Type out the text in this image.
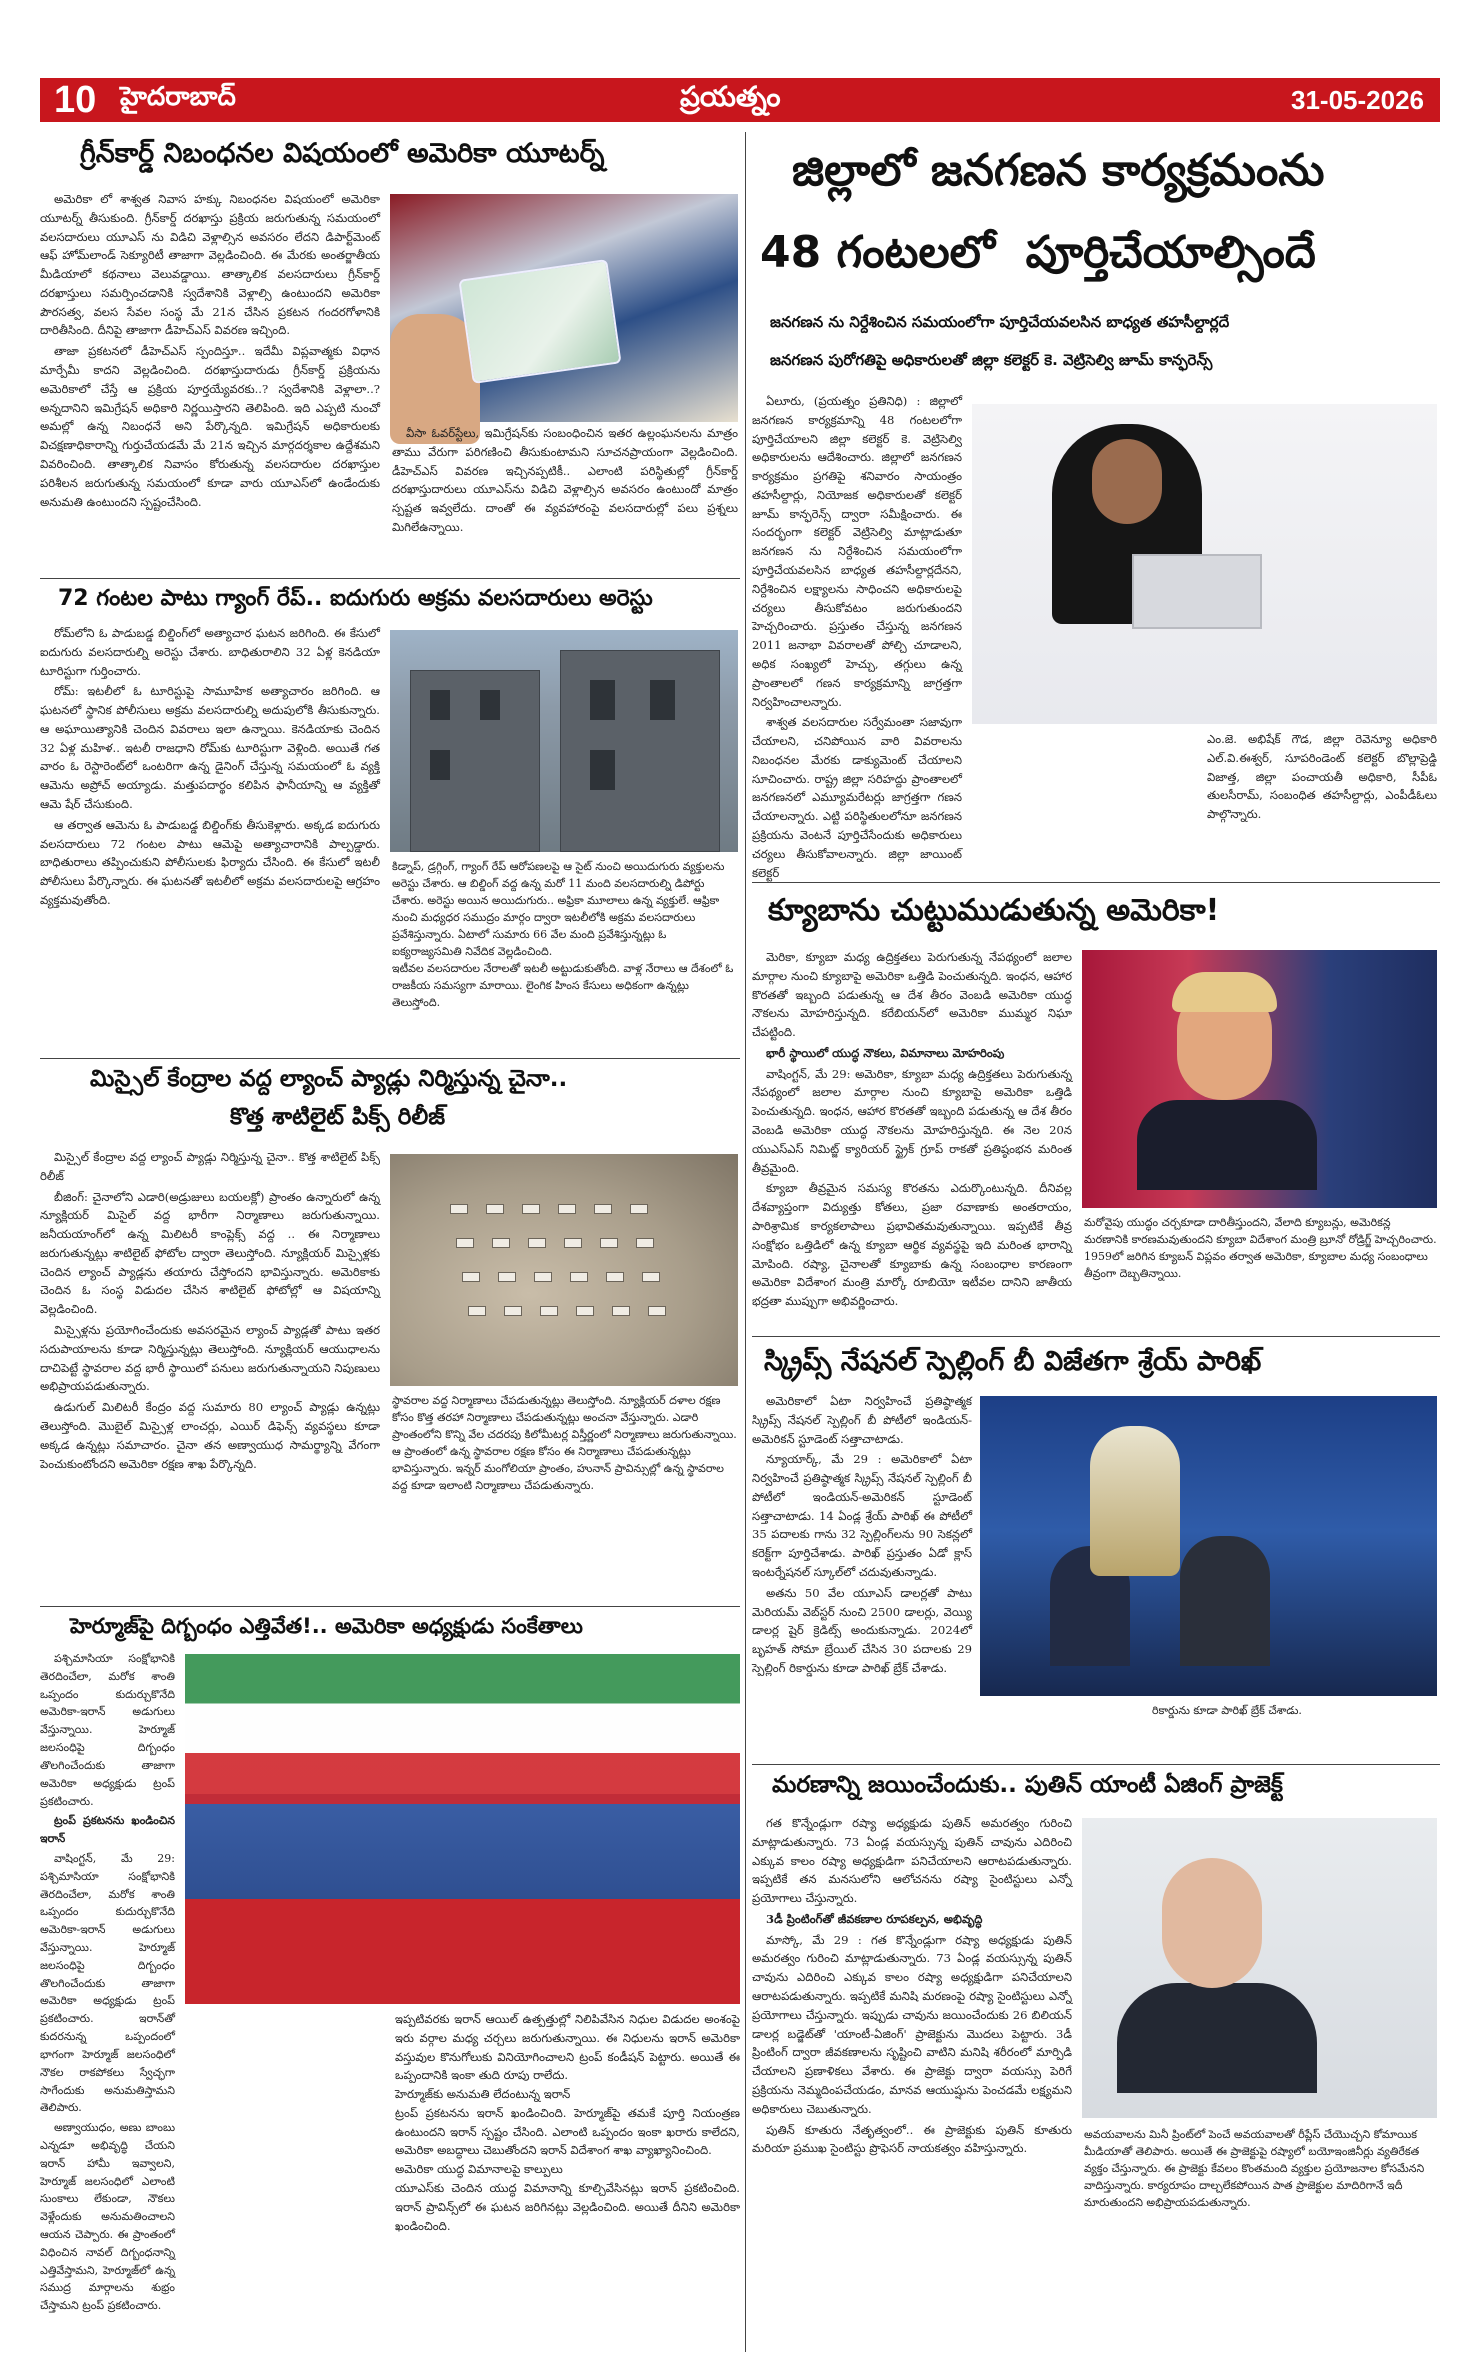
10 హైదరాబాద్	ప్రయత్నం	31-05-2026
గ్రీన్‌కార్డ్ నిబంధనల విషయంలో అమెరికా యూటర్న్

అమెరికా లో శాశ్వత నివాస హక్కు నిబంధనల విషయంలో అమెరికా యూటర్న్ తీసుకుంది. గ్రీన్‌కార్డ్ దరఖాస్తు ప్రక్రియ జరుగుతున్న సమయంలో వలసదారులు యూఎస్ ను విడిచి వెళ్లాల్సిన అవసరం లేదని డిపార్ట్‌మెంట్ ఆఫ్ హోమ్‌లాండ్ సెక్యూరిటీ తాజాగా వెల్లడించింది. ఈ మేరకు అంతర్జాతీయ మీడియాలో కథనాలు వెలువడ్డాయి. తాత్కాలిక వలసదారులు గ్రీన్‌కార్డ్ దరఖాస్తులు సమర్పించడానికి స్వదేశానికి వెళ్లాల్సి ఉంటుందని అమెరికా పౌరసత్వ, వలస సేవల సంస్థ మే 21న చేసిన ప్రకటన గందరగోళానికి దారితీసింది. దీనిపై తాజాగా డీహెచ్‌ఎస్ వివరణ ఇచ్చింది.

తాజా ప్రకటనలో డీహెచ్‌ఎస్ స్పందిస్తూ.. ఇదేమీ విప్లవాత్మకు విధాన మార్పేమీ కాదని వెల్లడించింది. దరఖాస్తుదారుడు గ్రీన్‌కార్డ్ ప్రక్రియను అమెరికాలో చేస్తే ఆ ప్రక్రియ పూర్తయ్యేవరకు..? స్వదేశానికి వెళ్లాలా..? అన్నదానిని ఇమిగ్రేషన్ అధికారి నిర్ణయిస్తారని తెలిపింది. ఇది ఎప్పటి నుంచో అమల్లో ఉన్న నిబంధనే అని పేర్కొన్నది. ఇమిగ్రేషన్ అధికారులకు విచక్షణాధికారాన్ని గుర్తుచేయడమే మే 21న ఇచ్చిన మార్గదర్శకాల ఉద్దేశమని వివరించింది. తాత్కాలిక నివాసం కోరుతున్న వలసదారుల దరఖాస్తుల పరిశీలన జరుగుతున్న సమయంలో కూడా వారు యూఎస్‌లో ఉండేందుకు అనుమతి ఉంటుందని స్పష్టంచేసింది.

వీసా ఓవర్‌స్టేలు, ఇమిగ్రేషన్‌కు సంబంధించిన ఇతర ఉల్లంఘనలను మాత్రం తాము వేరుగా పరిగణించి తీసుకుంటామని సూచనప్రాయంగా వెల్లడించింది. డీహెచ్‌ఎస్ వివరణ ఇచ్చినప్పటికీ.. ఎలాంటి పరిస్థితుల్లో గ్రీన్‌కార్డ్ దరఖాస్తుదారులు యూఎస్‌ను విడిచి వెళ్లాల్సిన అవసరం ఉంటుందో మాత్రం స్పష్టత ఇవ్వలేదు. దాంతో ఈ వ్యవహారంపై వలసదారుల్లో పలు ప్రశ్నలు మిగిలేఉన్నాయి.

72 గంటల పాటు గ్యాంగ్ రేప్.. ఐదుగురు అక్రమ వలసదారులు అరెస్టు

రోమ్‌లోని ఓ పాడుబడ్డ బిల్డింగ్‌లో అత్యాచార ఘటన జరిగింది. ఈ కేసులో ఐదుగురు వలసదారుల్ని అరెస్టు చేశారు. బాధితురాలిని 32 ఏళ్ల కెనడియా టూరిస్టుగా గుర్తించారు.

రోమ్: ఇటలీలో ఓ టూరిస్టుపై సామూహిక అత్యాచారం జరిగింది. ఆ ఘటనలో స్థానిక పోలీసులు అక్రమ వలసదారుల్ని అదుపులోకి తీసుకున్నారు. ఆ అఘాయిత్యానికి చెందిన వివరాలు ఇలా ఉన్నాయి. కెనడియాకు చెందిన 32 ఏళ్ల మహిళ.. ఇటలీ రాజధాని రోమ్‌కు టూరిస్టుగా వెళ్లింది. అయితే గత వారం ఓ రెస్టారెంట్‌లో ఒంటరిగా ఉన్న డైనింగ్ చేస్తున్న సమయంలో ఓ వ్యక్తి ఆమెను అప్రోచ్ అయ్యాడు. మత్తుపదార్థం కలిపిన ఫానీయాన్ని ఆ వ్యక్తితో ఆమె షేర్ చేసుకుంది.

ఆ తర్వాత ఆమెను ఓ పాడుబడ్డ బిల్డింగ్‌కు తీసుకెళ్లారు. అక్కడ ఐదుగురు వలసదారులు 72 గంటల పాటు ఆమెపై అత్యాచారానికి పాల్పడ్డారు. బాధితురాలు తప్పించుకుని పోలీసులకు ఫిర్యాదు చేసింది. ఈ కేసులో ఇటలీ పోలీసులు పేర్కొన్నారు. ఈ ఘటనతో ఇటలీలో అక్రమ వలసదారులపై ఆగ్రహం వ్యక్తమవుతోంది.

కిడ్నాప్, డ్రగ్గింగ్, గ్యాంగ్ రేప్ ఆరోపణలపై ఆ సైట్ నుంచి అయిదుగురు వ్యక్తులను అరెస్టు చేశారు. ఆ బిల్డింగ్ వద్ద ఉన్న మరో 11 మంది వలసదారుల్ని డిపోర్టు చేశారు. అరెస్టు అయిన అయిదుగురు.. అఫ్రికా మూలాలు ఉన్న వ్యక్తులే. ఆఫ్రికా నుంచి మధ్యధర సముద్రం మార్గం ద్వారా ఇటలీలోకి అక్రమ వలసదారులు ప్రవేశిస్తున్నారు. ఏటాలో సుమారు 66 వేల మంది ప్రవేశిస్తున్నట్లు ఓ ఐక్యరాజ్యసమితి నివేదిక వెల్లడించింది.
ఇటీవల వలసదారుల నేరాలతో ఇటలీ అట్టుడుకుతోంది. వాళ్ల నేరాలు ఆ దేశంలో ఓ రాజకీయ సమస్యగా మారాయి. లైంగిక హింస కేసులు అధికంగా ఉన్నట్లు తెలుస్తోంది.
మిస్సైల్ కేంద్రాల వద్ద ల్యాంచ్ ప్యాడ్లు నిర్మిస్తున్న చైనా..
కొత్త శాటిలైట్ పిక్స్ రిలీజ్

మిస్సైల్ కేంద్రాల వద్ద ల్యాంచ్ ప్యాడ్లు నిర్మిస్తున్న చైనా.. కొత్త శాటిలైట్ పిక్స్ రిలీజ్

బీజింగ్: చైనాలోని ఎడారి(అడ్రుజులు బయలక్లో) ప్రాంతం ఉన్నారులో ఉన్న న్యూక్లియర్ మిసైల్ వద్ద భారీగా నిర్మాణాలు జరుగుతున్నాయి. జనీయయాంగ్‌లో ఉన్న మిలిటరీ కాంప్లెక్స్ వద్ద .. ఈ నిర్మాణాలు జరుగుతున్నట్లు శాటిలైట్ ఫోటోల ద్వారా తెలుస్తోంది. న్యూక్లియర్ మిస్సైళ్లకు చెందిన ల్యాంచ్ ప్యాడ్లను తయారు చేస్తోందని భావిస్తున్నారు. అమెరికాకు చెందిన ఓ సంస్థ విడుదల చేసిన శాటిలైట్ ఫోటోల్లో ఆ విషయాన్ని వెల్లడించింది.

మిస్సైళ్లను ప్రయోగించేందుకు అవసరమైన ల్యాంచ్ ప్యాడ్లతో పాటు ఇతర సదుపాయాలను కూడా నిర్మిస్తున్నట్లు తెలుస్తోంది. న్యూక్లియర్ ఆయుధాలను దాచిపెట్టే స్థావరాల వద్ద భారీ స్థాయిలో పనులు జరుగుతున్నాయని నిపుణులు అభిప్రాయపడుతున్నారు.

ఉడుగుల్ మిలిటరీ కేంద్రం వద్ద సుమారు 80 ల్యాంచ్ ప్యాడ్లు ఉన్నట్లు తెలుస్తోంది. మొబైల్ మిస్సైళ్ల లాంచర్లు, ఎయిర్ డిఫెన్స్ వ్యవస్థలు కూడా అక్కడ ఉన్నట్లు సమాచారం. చైనా తన అణ్వాయుధ సామర్థ్యాన్ని వేగంగా పెంచుకుంటోందని అమెరికా రక్షణ శాఖ పేర్కొన్నది.

స్థావరాల వద్ద నిర్మాణాలు చేపడుతున్నట్లు తెలుస్తోంది. న్యూక్లియర్ దళాల రక్షణ కోసం కొత్త తరహా నిర్మాణాలు చేపడుతున్నట్లు అంచనా వేస్తున్నారు. ఎడారి ప్రాంతంలోని కొన్ని వేల చదరపు కిలోమీటర్ల విస్తీర్ణంలో నిర్మాణాలు జరుగుతున్నాయి. ఆ ప్రాంతంలో ఉన్న స్థావరాల రక్షణ కోసం ఈ నిర్మాణాలు చేపడుతున్నట్లు భావిస్తున్నారు. ఇన్నర్ మంగోలియా ప్రాంతం, హునాన్ ప్రావిన్సుల్లో ఉన్న స్థావరాల వద్ద కూడా ఇలాంటి నిర్మాణాలు చేపడుతున్నారు.
హెర్మూజ్‌పై దిగ్బంధం ఎత్తివేత!.. అమెరికా అధ్యక్షుడు సంకేతాలు

పశ్చిమాసియా సంక్షోభానికి తెరదించేలా, మరోక శాంతి ఒప్పందం కుదుర్చుకొనేది అమెరికా-ఇరాన్ అడుగులు వేస్తున్నాయి. హెర్మూజ్ జలసంధిపై దిగ్బంధం తొలగించేందుకు తాజాగా అమెరికా అధ్యక్షుడు ట్రంప్ ప్రకటించారు.

ట్రంప్ ప్రకటనను ఖండించిన ఇరాన్

వాషింగ్టన్, మే 29: పశ్చిమాసియా సంక్షోభానికి తెరదించేలా, మరోక శాంతి ఒప్పందం కుదుర్చుకొనేది అమెరికా-ఇరాన్ అడుగులు వేస్తున్నాయి. హెర్మూజ్ జలసంధిపై దిగ్బంధం తొలగించేందుకు తాజాగా అమెరికా అధ్యక్షుడు ట్రంప్ ప్రకటించారు. ఇరాన్‌తో కుదరనున్న ఒప్పందంలో భాగంగా హెర్మూజ్ జలసంధిలో నౌకల రాకపోకలు స్వేచ్ఛగా సాగేందుకు అనుమతిస్తామని తెలిపారు.

అణ్వాయుధం, అణు బాంబు ఎన్నడూ అభివృద్ధి చేయని ఇరాన్ హామీ ఇవ్వాలని, హెర్మూజ్ జలసంధిలో ఎలాంటి సుంకాలు లేకుండా, నౌకలు వెళ్లేందుకు అనుమతించాలని ఆయన చెప్పారు. ఈ ప్రాంతంలో విధించిన నావల్ దిగ్బంధనాన్ని ఎత్తివేస్తామని, హెర్మూజ్‌లో ఉన్న సముద్ర మార్గాలను శుభ్రం చేస్తామని ట్రంప్ ప్రకటించారు.

ఇప్పటివరకు ఇరాన్ ఆయిల్ ఉత్పత్తుల్లో నిలిపివేసిన నిధుల విడుదల అంశంపై ఇరు వర్గాల మధ్య చర్చలు జరుగుతున్నాయి. ఈ నిధులను ఇరాన్ అమెరికా వస్తువుల కొనుగోలుకు వినియోగించాలని ట్రంప్ కండీషన్ పెట్టారు. అయితే ఈ ఒప్పందానికి ఇంకా తుది రూపు రాలేదు.
హెర్మూజ్‌కు అనుమతి లేదంటున్న ఇరాన్
ట్రంప్ ప్రకటనను ఇరాన్ ఖండించింది. హెర్మూజ్‌పై తమకే పూర్తి నియంత్రణ ఉంటుందని ఇరాన్ స్పష్టం చేసింది. ఎలాంటి ఒప్పందం ఇంకా ఖరారు కాలేదని, అమెరికా అబద్ధాలు చెబుతోందని ఇరాన్ విదేశాంగ శాఖ వ్యాఖ్యానించింది.
అమెరికా యుద్ధ విమానాలపై కాల్పులు
యూఎస్‌కు చెందిన యుద్ధ విమానాన్ని కూల్చివేసినట్లు ఇరాన్ ప్రకటించింది. ఇరాన్ ప్రావిన్స్‌లో ఈ ఘటన జరిగినట్లు వెల్లడించింది. అయితే దీనిని అమెరికా ఖండించింది.
జిల్లాలో జనగణన కార్యక్రమంను
48 గంటలలో  పూర్తిచేయాల్సిందే
జనగణన ను నిర్దేశించిన సమయంలోగా పూర్తిచేయవలసిన బాధ్యత తహసీల్దార్లదే
జనగణన పురోగతిపై అధికారులతో జిల్లా కలెక్టర్ కె. వెట్రిసెల్వి జూమ్ కాన్ఫరెన్స్

ఏలూరు, (ప్రయత్నం ప్రతినిధి) : జిల్లాలో జనగణన కార్యక్రమాన్ని 48 గంటలలోగా పూర్తిచేయాలని జిల్లా కలెక్టర్ కె. వెట్రిసెల్వి అధికారులను ఆదేశించారు. జిల్లాలో జనగణన కార్యక్రమం ప్రగతిపై శనివారం సాయంత్రం తహసీల్దార్లు, నియోజక అధికారులతో కలెక్టర్ జూమ్ కాన్ఫరెన్స్ ద్వారా సమీక్షించారు. ఈ సందర్భంగా కలెక్టర్ వెట్రిసెల్వి మాట్లాడుతూ జనగణన ను నిర్దేశించిన సమయంలోగా పూర్తిచేయవలసిన బాధ్యత తహసీల్దార్లదేనని, నిర్దేశించిన లక్ష్యాలను సాధించని అధికారులపై చర్యలు తీసుకోవటం జరుగుతుందని హెచ్చరించారు. ప్రస్తుతం చేస్తున్న జనగణన 2011 జనాభా వివరాలతో పోల్చి చూడాలని, అధిక సంఖ్యలో హెచ్చు, తగ్గులు ఉన్న ప్రాంతాలలో గణన కార్యక్రమాన్ని జాగ్రత్తగా నిర్వహించాలన్నారు.

శాశ్వత వలసదారుల సర్వేమంతా సజావుగా చేయాలని, చనిపోయిన వారి వివరాలను నిబంధనల మేరకు డాక్యుమెంట్ చేయాలని సూచించారు. రాష్ట్ర జిల్లా సరిహద్దు ప్రాంతాలలో జనగణనలో ఎమ్యూమరేటర్లు జాగ్రత్తగా గణన చేయాలన్నారు. ఎట్టి పరిస్థితులలోనూ జనగణన ప్రక్రియను వెంటనే పూర్తిచేసేందుకు అధికారులు చర్యలు తీసుకోవాలన్నారు. జిల్లా జాయింట్ కలెక్టర్

ఎం.జె. అభిషేక్ గౌడ, జిల్లా రెవెన్యూ అధికారి ఎల్.వి.ఈశ్వర్, సూపరిండెంట్ కలెక్టర్ బొల్లాప్రెడ్డి విజాత్త, జిల్లా పంచాయతీ అధికారి, సీపీఓ తులసీరామ్, సంబంధిత తహసీల్దార్లు, ఎంపీడీఓలు పాల్గొన్నారు.
క్యూబాను చుట్టుముడుతున్న అమెరికా!

మెరికా, క్యూబా మధ్య ఉద్రిక్తతలు పెరుగుతున్న నేపథ్యంలో జలాల మార్గాల నుంచి క్యూబాపై అమెరికా ఒత్తిడి పెంచుతున్నది. ఇంధన, ఆహార కొరతతో ఇబ్బంది పడుతున్న ఆ దేశ తీరం వెంబడి అమెరికా యుద్ధ నౌకలను మోహరిస్తున్నది. కరేబియన్‌లో అమెరికా ముమ్మర నిఘా చేపట్టింది.

భారీ స్థాయిలో యుద్ధ నౌకలు, విమానాలు మోహరింపు

వాషింగ్టన్, మే 29: అమెరికా, క్యూబా మధ్య ఉద్రిక్తతలు పెరుగుతున్న నేపథ్యంలో జలాల మార్గాల నుంచి క్యూబాపై అమెరికా ఒత్తిడి పెంచుతున్నది. ఇంధన, ఆహార కొరతతో ఇబ్బంది పడుతున్న ఆ దేశ తీరం వెంబడి అమెరికా యుద్ధ నౌకలను మోహరిస్తున్నది. ఈ నెల 20న యుఎస్ఎస్ నిమిట్జ్ క్యారియర్ స్ట్రైక్ గ్రూప్ రాకతో ప్రతిష్ఠంభన మరింత తీవ్రమైంది.

క్యూబా తీవ్రమైన సమస్య కొరతను ఎదుర్కొంటున్నది. దీనివల్ల దేశవ్యాప్తంగా విద్యుత్తు కోతలు, ప్రజా రవాణాకు అంతరాయం, పారిశ్రామిక కార్యకలాపాలు ప్రభావితమవుతున్నాయి. ఇప్పటికే తీవ్ర సంక్షోభం ఒత్తిడిలో ఉన్న క్యూబా ఆర్థిక వ్యవస్థపై ఇది మరింత భారాన్ని మోపింది. రష్యా, చైనాలతో క్యూబాకు ఉన్న సంబంధాల కారణంగా అమెరికా విదేశాంగ మంత్రి మార్కో రూబియో ఇటీవల దానిని జాతీయ భద్రతా ముప్పుగా అభివర్ణించారు.

మరోవైపు యుద్ధం చర్చకూడా దారితీస్తుందని, వేలాది క్యూబన్లు, అమెరికన్ల మరణానికి కారణమవుతుందని క్యూబా విదేశాంగ మంత్రి బ్రూనో రోడ్రిగ్జ్ హెచ్చరించారు. 1959లో జరిగిన క్యూబన్ విప్లవం తర్వాత అమెరికా, క్యూబాల మధ్య సంబంధాలు తీవ్రంగా దెబ్బతిన్నాయి.
స్క్రిప్స్ నేషనల్ స్పెల్లింగ్ బీ విజేతగా శ్రేయ్ పారిఖ్

అమెరికాలో ఏటా నిర్వహించే ప్రతిష్ఠాత్మక స్క్రిప్స్ నేషనల్ స్పెల్లింగ్ బీ పోటీలో ఇండియన్-అమెరికన్ స్టూడెంట్ సత్తాచాటాడు.

న్యూయార్క్, మే 29 : అమెరికాలో ఏటా నిర్వహించే ప్రతిష్ఠాత్మక స్క్రిప్స్ నేషనల్ స్పెల్లింగ్ బీ పోటీలో ఇండియన్-అమెరికన్ స్టూడెంట్ సత్తాచాటాడు. 14 ఏండ్ల శ్రేయ్ పారిఖ్ ఈ పోటీలో 35 పదాలకు గాను 32 స్పెల్లింగ్‌లను 90 సెకన్లలో కరెక్ట్‌గా పూర్తిచేశాడు. పారిఖ్ ప్రస్తుతం ఏడో క్లాస్ ఇంటర్నేషనల్ స్కూల్‌లో చదువుతున్నాడు.

అతను 50 వేల యూఎస్ డాలర్లతో పాటు మెరియమ్ వెబ్‌స్టర్ నుంచి 2500 డాలర్లు, వెయ్యి డాలర్ల షైర్ క్రెడిట్స్ అందుకున్నాడు. 2024లో బృహత్ సోమా బ్రేయిల్ చేసిన 30 పదాలకు 29 స్పెల్లింగ్ రికార్డును కూడా పారిఖ్ బ్రేక్ చేశాడు.

రికార్డును కూడా పారిఖ్ బ్రేక్ చేశాడు.
మరణాన్ని జయించేందుకు.. పుతిన్ యాంటీ ఏజింగ్ ప్రాజెక్ట్

గత కొన్నేండ్లుగా రష్యా అధ్యక్షుడు పుతిన్ అమరత్వం గురించి మాట్లాడుతున్నారు. 73 ఏండ్ల వయస్సున్న పుతిన్ చావును ఎదిరించి ఎక్కువ కాలం రష్యా అధ్యక్షుడిగా పనిచేయాలని ఆరాటపడుతున్నారు. ఇప్పటికే తన మనసులోని ఆలోచనను రష్యా సైంటిస్టులు ఎన్నో ప్రయోగాలు చేస్తున్నారు.

3డీ ప్రింటింగ్‌తో జీవకణాల రూపకల్పన, అభివృద్ధి

మాస్కో, మే 29 : గత కొన్నేండ్లుగా రష్యా అధ్యక్షుడు పుతిన్ అమరత్వం గురించి మాట్లాడుతున్నారు. 73 ఏండ్ల వయస్సున్న పుతిన్ చావును ఎదిరించి ఎక్కువ కాలం రష్యా అధ్యక్షుడిగా పనిచేయాలని ఆరాటపడుతున్నారు. ఇప్పటికే మనిషి మరణంపై రష్యా సైంటిస్టులు ఎన్నో ప్రయోగాలు చేస్తున్నారు. ఇప్పుడు చావును జయించేందుకు 26 బిలియన్ డాలర్ల బడ్జెట్‌తో 'యాంటీ-ఏజింగ్' ప్రాజెక్టును మొదలు పెట్టారు. 3డీ ప్రింటింగ్ ద్వారా జీవకణాలను సృష్టించి వాటిని మనిషి శరీరంలో మార్పిడి చేయాలని ప్రణాళికలు వేశారు. ఈ ప్రాజెక్టు ద్వారా వయస్సు పెరిగే ప్రక్రియను నెమ్మదింపచేయడం, మానవ ఆయుష్షును పెంచడమే లక్ష్యమని అధికారులు చెబుతున్నారు.

పుతిన్ కూతురు నేతృత్వంలో.. ఈ ప్రాజెక్టుకు పుతిన్ కూతురు మరియా ప్రముఖ సైంటిస్టు ప్రొఫెసర్ నాయకత్వం వహిస్తున్నారు.

అవయవాలను మినీ ప్రింట్‌లో పెంచే అవయవాలతో రీప్లేస్ చేయొచ్చని కోమాయిక మీడియాతో తెలిపారు. అయితే ఈ ప్రాజెక్టుపై రష్యాలో బయోఇంజినీర్లు వ్యతిరేకత వ్యక్తం చేస్తున్నారు. ఈ ప్రాజెక్టు కేవలం కొంతమంది వ్యక్తుల ప్రయోజనాల కోసమేనని వాదిస్తున్నారు. కార్యరూపం దాల్చలేకపోయిన పాత ప్రాజెక్టుల మాదిరిగానే ఇదీ మారుతుందని అభిప్రాయపడుతున్నారు.
